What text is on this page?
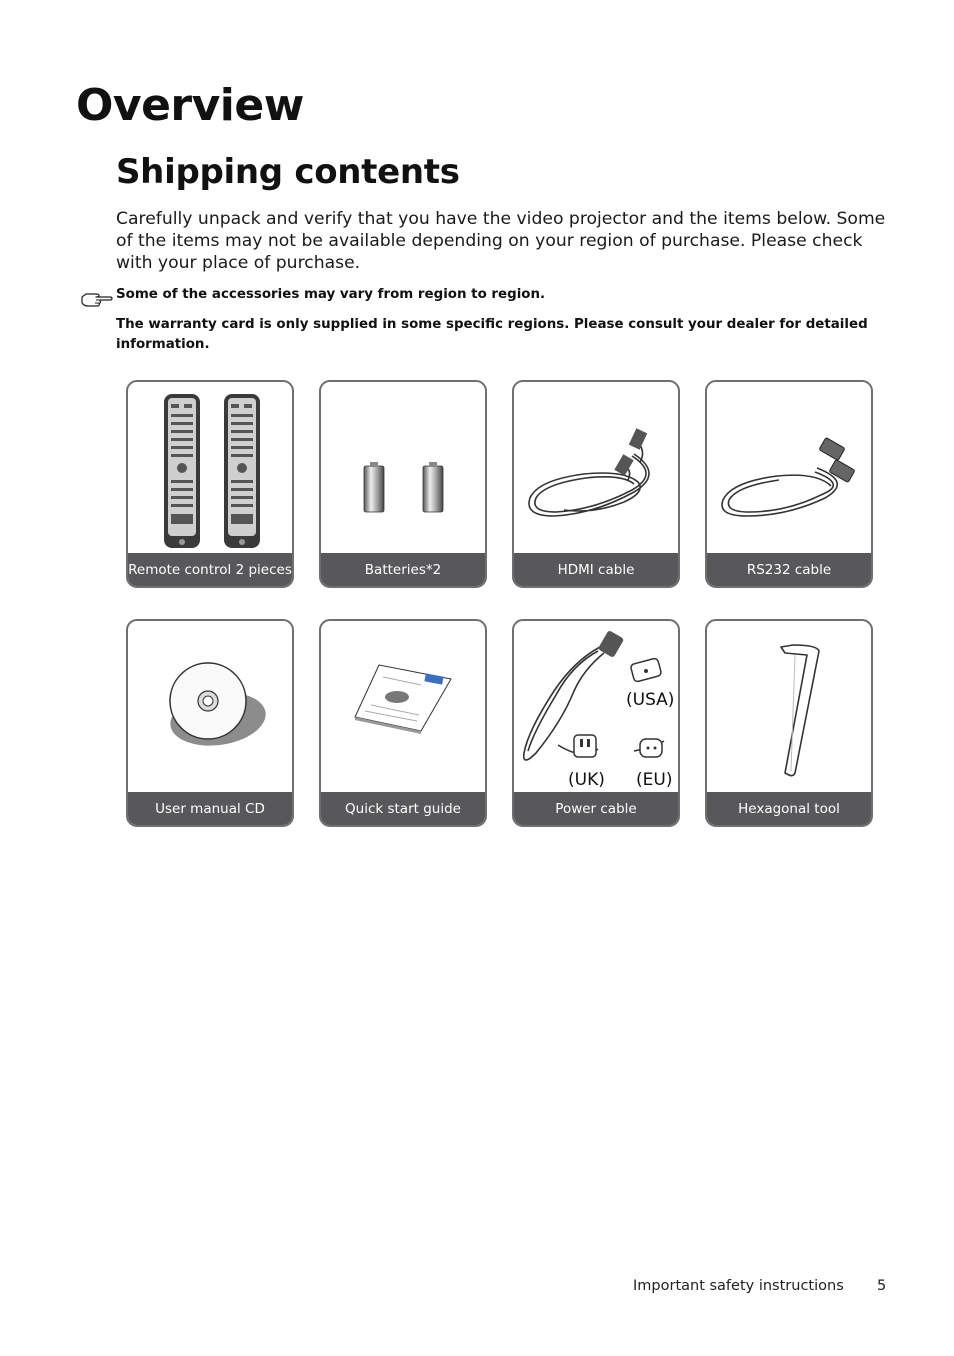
Overview
Shipping contents

Carefully unpack and verify that you have the video projector and the items below. Some of the items may not be available depending on your region of purchase. Please check with your place of purchase.

Some of the accessories may vary from region to region.

The warranty card is only supplied in some specific regions. Please consult your dealer for detailed information.

Remote control 2 pieces	Batteries*2	HDMI cable	RS232 cable
User manual CD	Quick start guide
(USA)
(UK) (EU)
Power cable	Hexagonal tool

Important safety instructions 5
